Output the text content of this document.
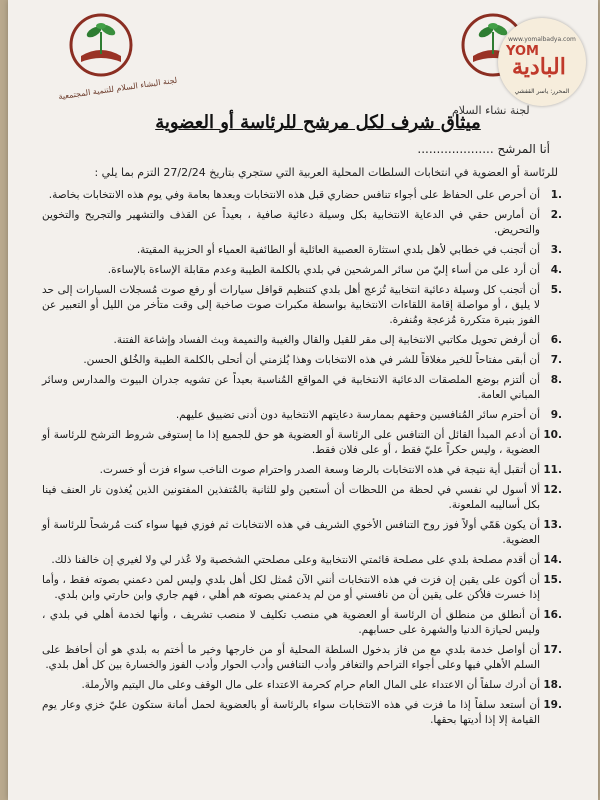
لجنة البشاء السلام للتنمية المجتمعية
لجنة نشاء السلام
ميثاق شرف لكل مرشح للرئاسة أو العضوية
أنا المرشح ....................
للرئاسة أو العضوية في انتخابات السلطات المحلية العربية التي ستجري بتاريخ 27/2/24 التزم بما يلي :
.1
أن أحرص على الحفاظ على أجواء تنافس حضاري قبل هذه الانتخابات وبعدها بعامة وفي يوم هذه الانتخابات بخاصة.
.2
أن أمارس حقي في الدعاية الانتخابية بكل وسيلة دعائية صافية ، بعيداً عن القذف والتشهير والتجريح والتخوين والتحريض.
.3
أن أتجنب في خطابي لأهل بلدي استثارة العصبية العائلية أو الطائفية العمياء أو الحزبية المقيتة.
.4
أن أرد على من أساء إليّ من سائر المرشحين في بلدي بالكلمة الطيبة وعدم مقابلة الإساءة بالإساءة.
.5
أن أتجنب كل وسيلة دعائية انتخابية تُزعج أهل بلدي كتنظيم قوافل سيارات أو رفع صوت مُسجلات السيارات إلى حد لا يليق ، أو مواصلة إقامة اللقاءات الانتخابية بواسطة مكبرات صوت صاخبة إلى وقت متأخر من الليل أو التعبير عن الفوز بنيرة متكررة مُزعجة ومُنفرة.
.6
أن أرفض تحويل مكاتبي الانتخابية إلى مقر للقيل والقال والغيبة والنميمة وبث الفساد وإشاعة الفتنة.
.7
أن أبقى مفتاحاً للخير مغلاقاً للشر في هذه الانتخابات وهذا يُلزمني أن أتحلى بالكلمة الطيبة والخُلق الحسن.
.8
أن ألتزم بوضع الملصقات الدعائية الانتخابية في المواقع المُناسبة بعيداً عن تشويه جدران البيوت والمدارس وسائر المباني العامة.
.9
أن أحترم سائر المُنافسين وحقهم بممارسة دعايتهم الانتخابية دون أدنى تضييق عليهم.
.10
أن أدعم المبدأ القائل أن التنافس على الرئاسة أو العضوية هو حق للجميع إذا ما إستوفى شروط الترشح للرئاسة أو العضوية ، وليس حكراً عليّ فقط ، أو على فلان فقط.
.11
أن أتقبل أية نتيجة في هذه الانتخابات بالرضا وسعة الصدر واحترام صوت الناخب سواء فزت أو خسرت.
.12
ألا أسول لي نفسي في لحظة من اللحظات أن أستعين ولو للثانية بالمُتفذين المفتونين الذين يُغذون نار العنف فينا بكل أساليبه الملعونة.
.13
أن يكون هَمّي أولاً فوز روح التنافس الأخوي الشريف في هذه الانتخابات ثم فوزي فيها سواء كنت مُرشحاً للرئاسة أو العضوية.
.14
أن أقدم مصلحة بلدي على مصلحة قائمتي الانتخابية وعلى مصلحتي الشخصية ولا عُذر لي ولا لغيري إن خالفنا ذلك.
.15
أن أكون على يقين إن فزت في هذه الانتخابات أنني الآن مُمثل لكل أهل بلدي وليس لمن دعمني بصوته فقط ، وأما إذا خسرت فلأكن على يقين أن من نافسني أو من لم يدعمني بصوته هم أهلي ، فهم جاري وابن حارتي وابن بلدي.
.16
أن أنطلق من منطلق أن الرئاسة أو العضوية هي منصب تكليف لا منصب تشريف ، وأنها لخدمة أهلي في بلدي ، وليس لحيازة الدنيا والشهرة على حسابهم.
.17
أن أواصل خدمة بلدي مع من فاز بدخول السلطة المحلية أو من خارجها وخير ما أختم به بلدي هو أن أحافظ على السلم الأهلي فيها وعلى أجواء التراحم والتغافر وأدب التنافس وأدب الحوار وأدب الفوز والخسارة بين كل أهل بلدي.
.18
أن أدرك سلفاً أن الاعتداء على المال العام حرام كحرمة الاعتداء على مال الوقف وعلى مال اليتيم والأرملة.
.19
أن أستعد سلفاً إذا ما فزت في هذه الانتخابات سواء بالرئاسة أو بالعضوية لحمل أمانة ستكون عليّ خزي وعار يوم القيامة إلا إذا أديتها بحقها.
www.yomalbadya.com
YOM
البادية
المحرر: ياسر القفشي
